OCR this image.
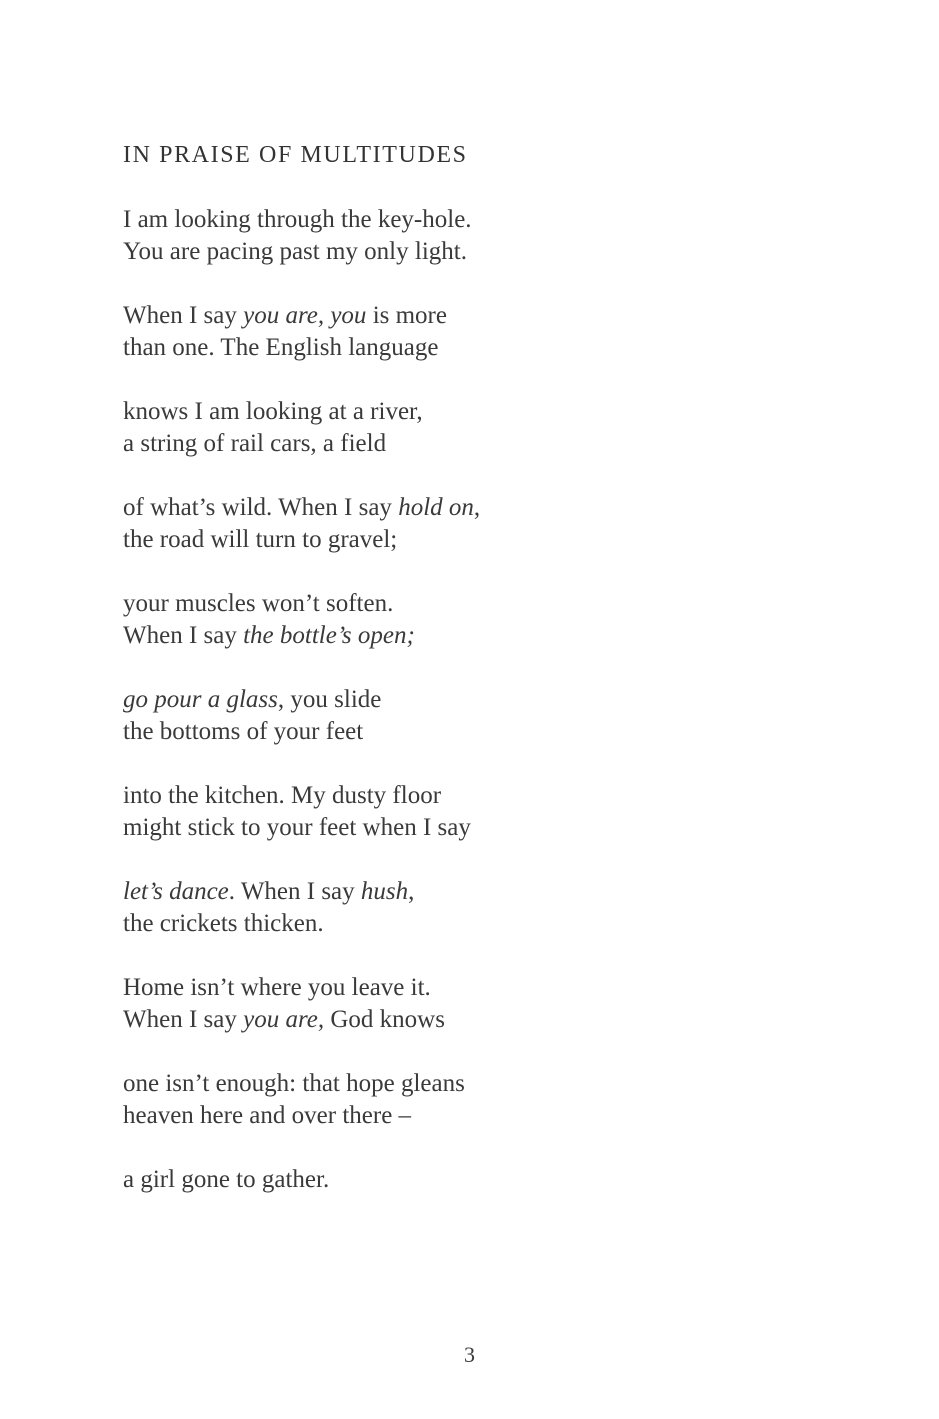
IN PRAISE OF MULTITUDES
I am looking through the key-hole.
You are pacing past my only light.
When I say you are, you is more
than one. The English language
knows I am looking at a river,
a string of rail cars, a field
of what’s wild. When I say hold on,
the road will turn to gravel;
your muscles won’t soften.
When I say the bottle’s open;
go pour a glass, you slide
the bottoms of your feet
into the kitchen. My dusty floor
might stick to your feet when I say
let’s dance. When I say hush,
the crickets thicken.
Home isn’t where you leave it.
When I say you are, God knows
one isn’t enough: that hope gleans
heaven here and over there –
a girl gone to gather.
3
